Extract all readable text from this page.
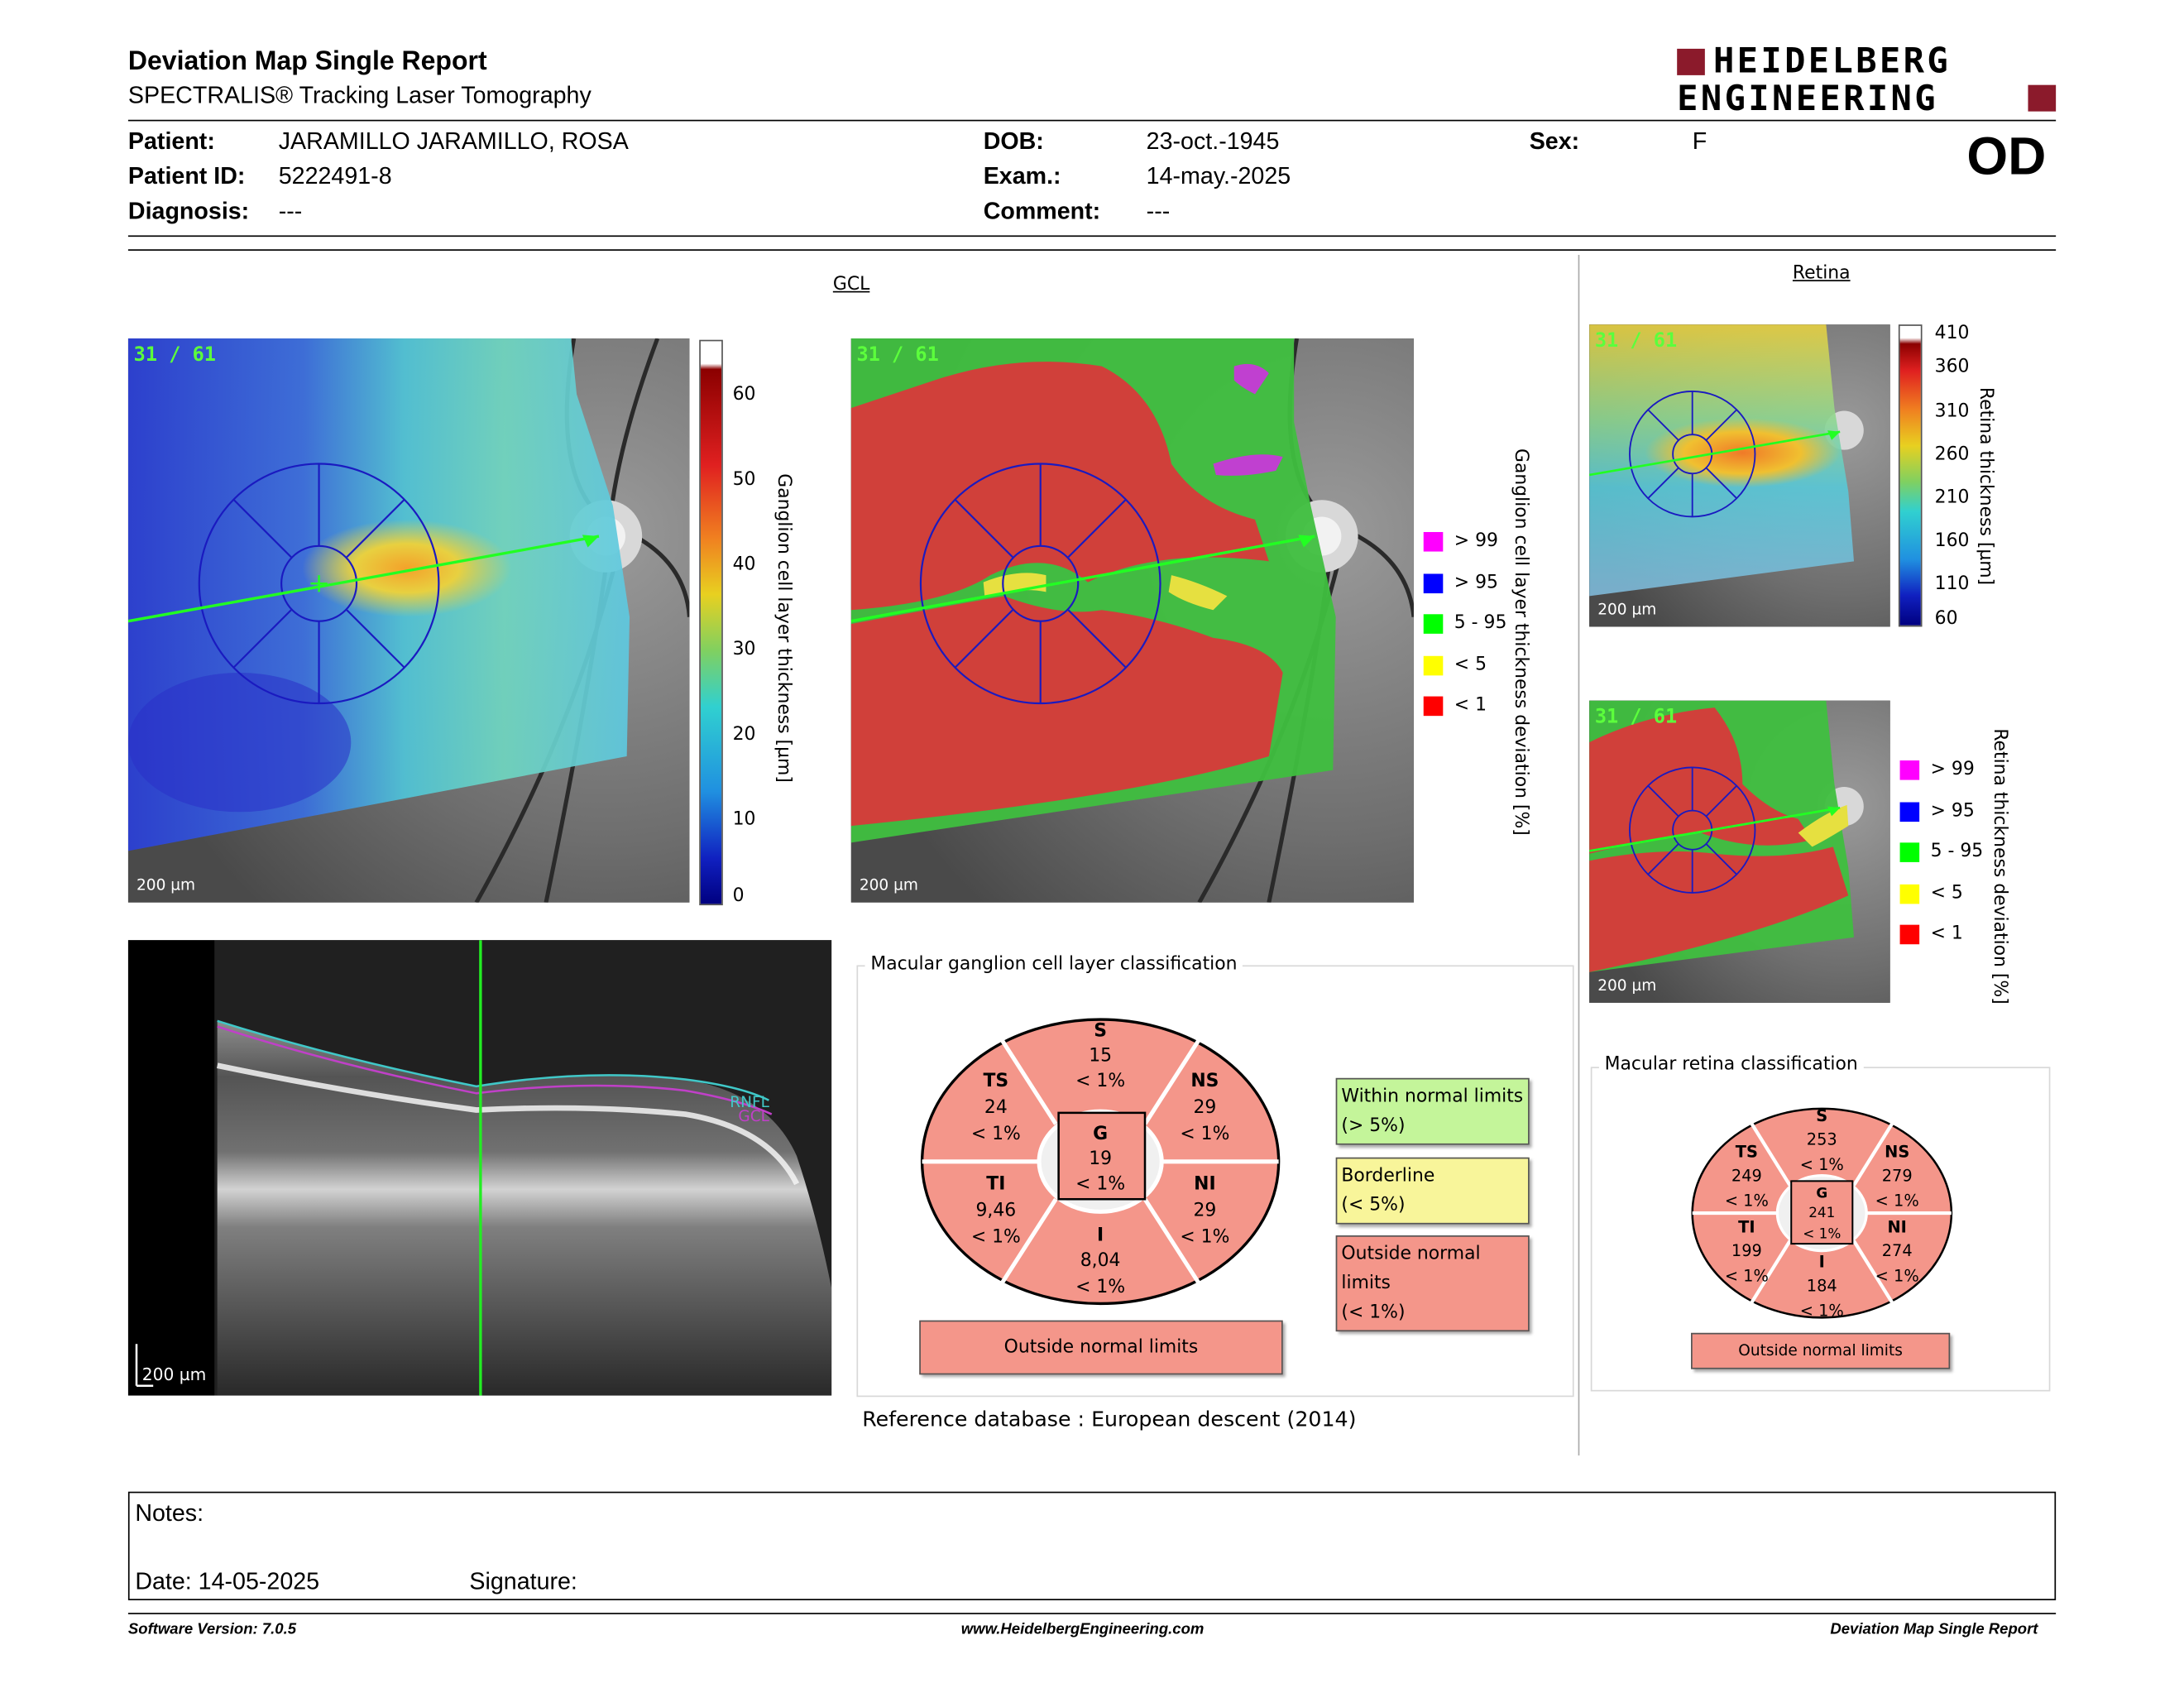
Deviation Map Single Report
SPECTRALIS® Tracking Laser Tomography
HEIDELBERG
ENGINEERING
Patient:	JARAMILLO JARAMILLO, ROSA
Patient ID: 5222491-8
Diagnosis: ---
DOB:	23-oct.-1945
Exam.:	14-may.-2025
Comment:	---
Sex:	F	OD
GCL
31 / 61
200 µm
60
50
40
30
20
10
0
Ganglion cell layer thickness [µm]
31 / 61
200 µm
> 99
> 95
5 - 95
< 5
< 1 Ganglion cell layer thickness deviation [%]
Retina
31 / 61
200 µm
410
360
310
260
210
160
110
60
Retina thickness [µm]
31 / 61
200 µm
> 99
> 95
5 - 95
< 5
< 1 Retina thickness deviation [%]
RNFL
GCL
200 µm
Macular ganglion cell layer classification
S
15
< 1%
TS
24
< 1%
NS
29
< 1%
G
19
< 1%
TI
9,46
< 1%
NI
29
< 1%
I
8,04
< 1%
Outside normal limits
Within normal limits
(> 5%)
Borderline
(< 5%)
Outside normal limits
(< 1%)
Reference database : European descent (2014)
Macular retina classification
S
253
< 1%
TS
249
< 1%
NS
279
< 1%
G
241
< 1%
TI
199
< 1%
NI
274
< 1%
I
184
< 1%
Outside normal limits
Notes:
Date: 14-05-2025	Signature:
Software Version: 7.0.5	www.HeidelbergEngineering.com	Deviation Map Single Report
